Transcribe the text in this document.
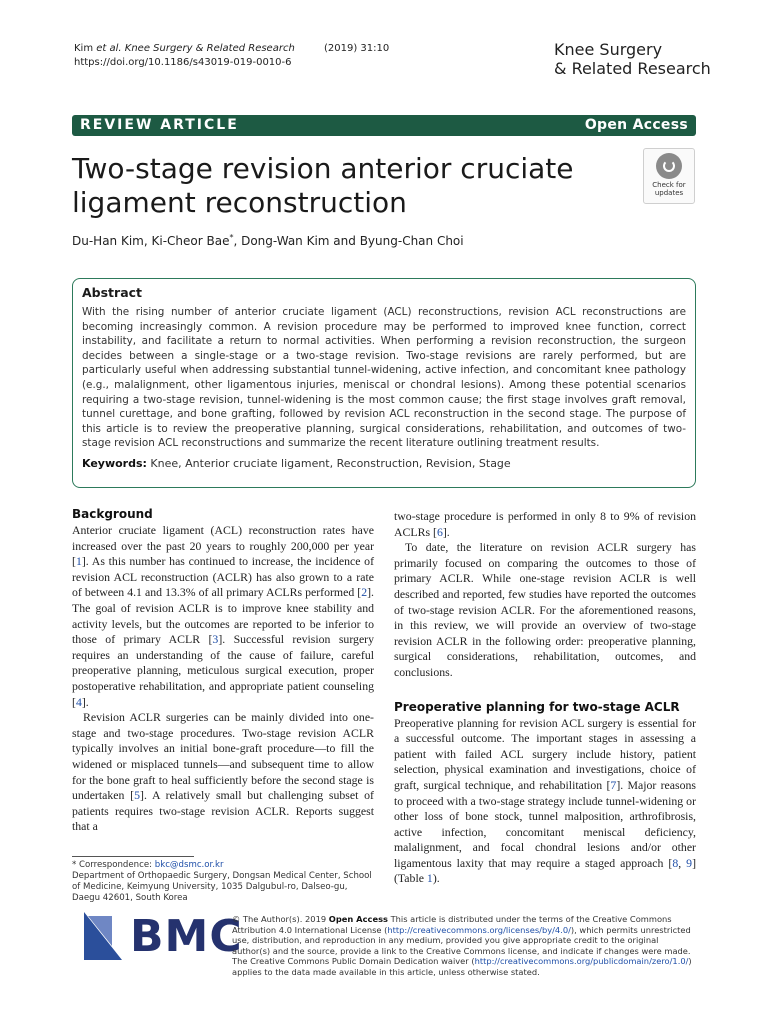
Kim et al. Knee Surgery & Related Research	(2019) 31:10
https://doi.org/10.1186/s43019-019-0010-6
Knee Surgery
& Related Research
REVIEW ARTICLE	Open Access
Two-stage revision anterior cruciate ligament reconstruction
Check for
updates
Du-Han Kim, Ki-Cheor Bae*, Dong-Wan Kim and Byung-Chan Choi
Abstract

With the rising number of anterior cruciate ligament (ACL) reconstructions, revision ACL reconstructions are becoming increasingly common. A revision procedure may be performed to improved knee function, correct instability, and facilitate a return to normal activities. When performing a revision reconstruction, the surgeon decides between a single-stage or a two-stage revision. Two-stage revisions are rarely performed, but are particularly useful when addressing substantial tunnel-widening, active infection, and concomitant knee pathology (e.g., malalignment, other ligamentous injuries, meniscal or chondral lesions). Among these potential scenarios requiring a two-stage revision, tunnel-widening is the most common cause; the first stage involves graft removal, tunnel curettage, and bone grafting, followed by revision ACL reconstruction in the second stage. The purpose of this article is to review the preoperative planning, surgical considerations, rehabilitation, and outcomes of two-stage revision ACL reconstructions and summarize the recent literature outlining treatment results.

Keywords: Knee, Anterior cruciate ligament, Reconstruction, Revision, Stage
Background

Anterior cruciate ligament (ACL) reconstruction rates have increased over the past 20 years to roughly 200,000 per year [1]. As this number has continued to increase, the incidence of revision ACL reconstruction (ACLR) has also grown to a rate of between 4.1 and 13.3% of all primary ACLRs performed [2]. The goal of revision ACLR is to improve knee stability and activity levels, but the outcomes are reported to be inferior to those of primary ACLR [3]. Successful revision surgery requires an understanding of the cause of failure, careful preoperative planning, meticulous surgical execution, proper postoperative rehabilitation, and appropriate patient counseling [4].

Revision ACLR surgeries can be mainly divided into one-stage and two-stage procedures. Two-stage revision ACLR typically involves an initial bone-graft procedure—to fill the widened or misplaced tunnels—and subsequent time to allow for the bone graft to heal sufficiently before the second stage is undertaken [5]. A relatively small but challenging subset of patients requires two-stage revision ACLR. Reports suggest that a

two-stage procedure is performed in only 8 to 9% of revision ACLRs [6].

To date, the literature on revision ACLR surgery has primarily focused on comparing the outcomes to those of primary ACLR. While one-stage revision ACLR is well described and reported, few studies have reported the outcomes of two-stage revision ACLR. For the aforementioned reasons, in this review, we will provide an overview of two-stage revision ACLR in the following order: preoperative planning, surgical considerations, rehabilitation, outcomes, and conclusions.

Preoperative planning for two-stage ACLR

Preoperative planning for revision ACL surgery is essential for a successful outcome. The important stages in assessing a patient with failed ACL surgery include history, patient selection, physical examination and investigations, choice of graft, surgical technique, and rehabilitation [7]. Major reasons to proceed with a two-stage strategy include tunnel-widening or other loss of bone stock, tunnel malposition, arthrofibrosis, active infection, concomitant meniscal deficiency, malalignment, and focal chondral lesions and/or other ligamentous laxity that may require a staged approach [8, 9] (Table 1).

* Correspondence: bkc@dsmc.or.kr
Department of Orthopaedic Surgery, Dongsan Medical Center, School of Medicine, Keimyung University, 1035 Dalgubul-ro, Dalseo-gu, Daegu 42601, South Korea
BMC
© The Author(s). 2019 Open Access This article is distributed under the terms of the Creative Commons Attribution 4.0 International License (http://creativecommons.org/licenses/by/4.0/), which permits unrestricted use, distribution, and reproduction in any medium, provided you give appropriate credit to the original author(s) and the source, provide a link to the Creative Commons license, and indicate if changes were made. The Creative Commons Public Domain Dedication waiver (http://creativecommons.org/publicdomain/zero/1.0/) applies to the data made available in this article, unless otherwise stated.
